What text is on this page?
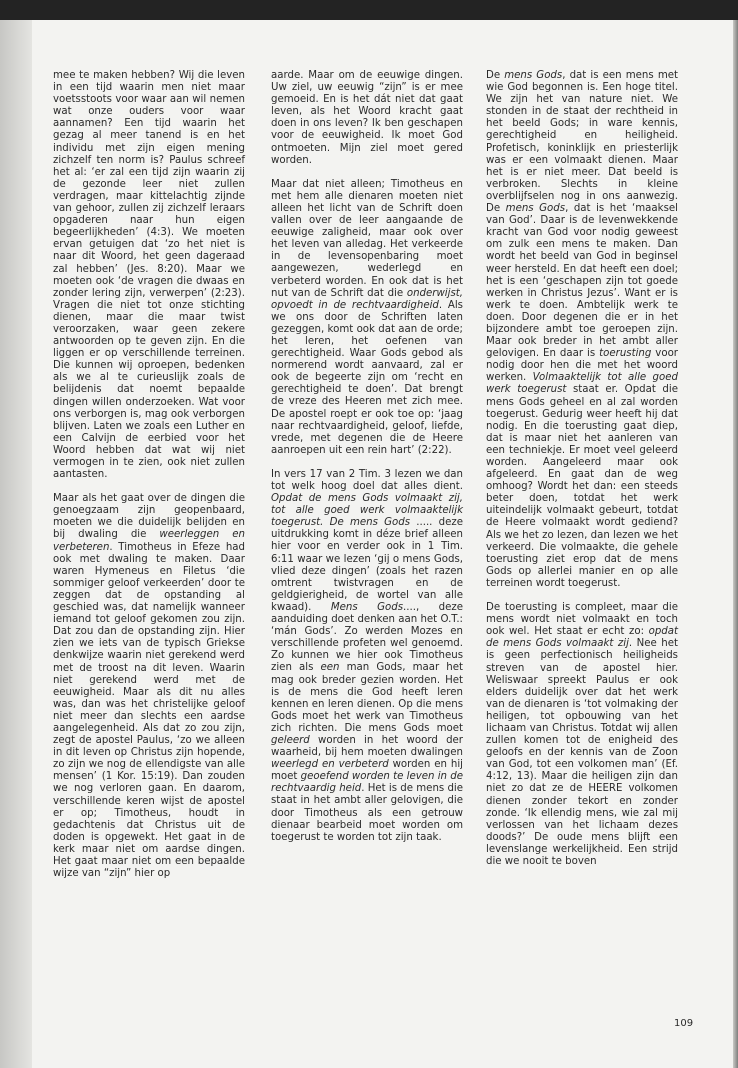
mee te maken hebben? Wij die leven in een tijd waarin men niet maar voetsstoots voor waar aan wil nemen wat onze ouders voor waar aannamen? Een tijd waarin het gezag al meer tanend is en het individu met zijn eigen mening zichzelf ten norm is? Paulus schreef het al: ‘er zal een tijd zijn waarin zij de gezonde leer niet zullen verdragen, maar kittelachtig zijnde van gehoor, zullen zij zichzelf leraars opgaderen naar hun eigen begeerlijkheden’ (4:3). We moeten ervan getuigen dat ‘zo het niet is naar dit Woord, het geen dageraad zal hebben’ (Jes. 8:20). Maar we moeten ook ‘de vragen die dwaas en zonder lering zijn, verwerpen’ (2:23). Vragen die niet tot onze stichting dienen, maar die maar twist veroorzaken, waar geen zekere antwoorden op te geven zijn. En die liggen er op verschillende terreinen. Die kunnen wij oproepen, bedenken als we al te curieuslijk zoals de belijdenis dat noemt bepaalde dingen willen onderzoeken. Wat voor ons verborgen is, mag ook verborgen blijven. Laten we zoals een Luther en een Calvijn de eerbied voor het Woord hebben dat wat wij niet vermogen in te zien, ook niet zullen aantasten.

Maar als het gaat over de dingen die genoegzaam zijn geopenbaard, moeten we die duidelijk belijden en bij dwaling die weerleggen en verbeteren. Timotheus in Efeze had ook met dwaling te maken. Daar waren Hymeneus en Filetus ‘die sommiger geloof verkeerden’ door te zeggen dat de opstanding al geschied was, dat namelijk wanneer iemand tot geloof gekomen zou zijn. Dat zou dan de opstanding zijn. Hier zien we iets van de typisch Griekse denkwijze waarin niet gerekend werd met de troost na dit leven. Waarin niet gerekend werd met de eeuwigheid. Maar als dit nu alles was, dan was het christelijke geloof niet meer dan slechts een aardse aangelegenheid. Als dat zo zou zijn, zegt de apostel Paulus, ‘zo we alleen in dit leven op Christus zijn hopende, zo zijn we nog de ellendigste van alle mensen’ (1 Kor. 15:19). Dan zouden we nog verloren gaan. En daarom, verschillende keren wijst de apostel er op; Timotheus, houdt in gedachtenis dat Christus uit de doden is opgewekt. Het gaat in de kerk maar niet om aardse dingen. Het gaat maar niet om een bepaalde wijze van “zijn” hier op

aarde. Maar om de eeuwige dingen. Uw ziel, uw eeuwig “zijn” is er mee gemoeid. En is het dát niet dat gaat leven, als het Woord kracht gaat doen in ons leven? Ik ben geschapen voor de eeuwigheid. Ik moet God ontmoeten. Mijn ziel moet gered worden.

Maar dat niet alleen; Timotheus en met hem alle dienaren moeten niet alleen het licht van de Schrift doen vallen over de leer aangaande de eeuwige zaligheid, maar ook over het leven van alledag. Het verkeerde in de levensopenbaring moet aangewezen, wederlegd en verbeterd worden. En ook dat is het nut van de Schrift dat die onderwijst, opvoedt in de rechtvaardigheid. Als we ons door de Schriften laten gezeggen, komt ook dat aan de orde; het leren, het oefenen van gerechtigheid. Waar Gods gebod als normerend wordt aanvaard, zal er ook de begeerte zijn om ‘recht en gerechtigheid te doen’. Dat brengt de vreze des Heeren met zich mee. De apostel roept er ook toe op: ‘jaag naar rechtvaardigheid, geloof, liefde, vrede, met degenen die de Heere aanroepen uit een rein hart’ (2:22).

In vers 17 van 2 Tim. 3 lezen we dan tot welk hoog doel dat alles dient. Opdat de mens Gods volmaakt zij, tot alle goed werk volmaaktelijk toegerust. De mens Gods ..... deze uitdrukking komt in déze brief alleen hier voor en verder ook in 1 Tim. 6:11 waar we lezen ‘gij o mens Gods, vlied deze dingen’ (zoals het razen omtrent twistvragen en de geldgierigheid, de wortel van alle kwaad). Mens Gods...., deze aanduiding doet denken aan het O.T.: ‘mán Gods’. Zo werden Mozes en verschillende profeten wel genoemd. Zo kunnen we hier ook Timotheus zien als een man Gods, maar het mag ook breder gezien worden. Het is de mens die God heeft leren kennen en leren dienen. Op die mens Gods moet het werk van Timotheus zich richten. Die mens Gods moet geleerd worden in het woord der waarheid, bij hem moeten dwalingen weerlegd en verbeterd worden en hij moet geoefend worden te leven in de rechtvaardig heid. Het is de mens die staat in het ambt aller gelovigen, die door Timotheus als een getrouw dienaar bearbeid moet worden om toegerust te worden tot zijn taak.

De mens Gods, dat is een mens met wie God begonnen is. Een hoge titel. We zijn het van nature niet. We stonden in de staat der rechtheid in het beeld Gods; in ware kennis, gerechtigheid en heiligheid. Profetisch, koninklijk en priesterlijk was er een volmaakt dienen. Maar het is er niet meer. Dat beeld is verbroken. Slechts in kleine overblijfselen nog in ons aanwezig. De mens Gods, dat is het ‘maaksel van God’. Daar is de levenwekkende kracht van God voor nodig geweest om zulk een mens te maken. Dan wordt het beeld van God in beginsel weer hersteld. En dat heeft een doel; het is een ‘geschapen zijn tot goede werken in Christus Jezus’. Want er is werk te doen. Ambtelijk werk te doen. Door degenen die er in het bijzondere ambt toe geroepen zijn. Maar ook breder in het ambt aller gelovigen. En daar is toerusting voor nodig door hen die met het woord werken. Volmaaktelijk tot alle goed werk toegerust staat er. Opdat die mens Gods geheel en al zal worden toegerust. Gedurig weer heeft hij dat nodig. En die toerusting gaat diep, dat is maar niet het aanleren van een techniekje. Er moet veel geleerd worden. Aangeleerd maar ook afgeleerd. En gaat dan de weg omhoog? Wordt het dan: een steeds beter doen, totdat het werk uiteindelijk volmaakt gebeurt, totdat de Heere volmaakt wordt gediend? Als we het zo lezen, dan lezen we het verkeerd. Die volmaakte, die gehele toerusting ziet erop dat de mens Gods op allerlei manier en op alle terreinen wordt toegerust.

De toerusting is compleet, maar die mens wordt niet volmaakt en toch ook wel. Het staat er echt zo: opdat de mens Gods volmaakt zij. Nee het is geen perfectionisch heiligheids streven van de apostel hier. Weliswaar spreekt Paulus er ook elders duidelijk over dat het werk van de dienaren is ‘tot volmaking der heiligen, tot opbouwing van het lichaam van Christus. Totdat wij allen zullen komen tot de enigheid des geloofs en der kennis van de Zoon van God, tot een volkomen man’ (Ef. 4:12, 13). Maar die heiligen zijn dan niet zo dat ze de HEERE volkomen dienen zonder tekort en zonder zonde. ‘Ik ellendig mens, wie zal mij verlossen van het lichaam dezes doods?’ De oude mens blijft een levenslange werkelijkheid. Een strijd die we nooit te boven

109
